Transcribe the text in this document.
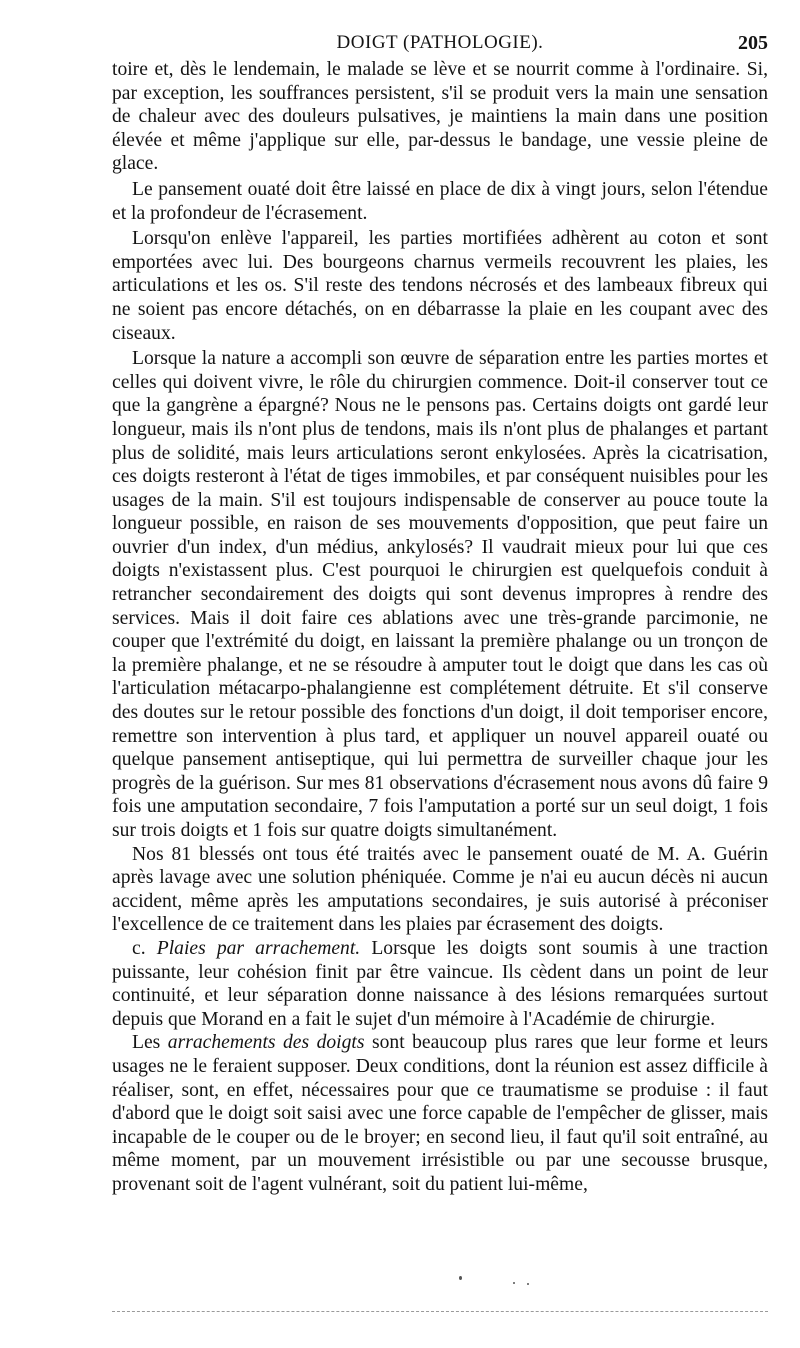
DOIGT (PATHOLOGIE).	205

toire et, dès le lendemain, le malade se lève et se nourrit comme à l'ordinaire. Si, par exception, les souffrances persistent, s'il se produit vers la main une sensation de chaleur avec des douleurs pulsatives, je maintiens la main dans une position élevée et même j'applique sur elle, par-dessus le bandage, une vessie pleine de glace.

Le pansement ouaté doit être laissé en place de dix à vingt jours, selon l'étendue et la profondeur de l'écrasement.

Lorsqu'on enlève l'appareil, les parties mortifiées adhèrent au coton et sont emportées avec lui. Des bourgeons charnus vermeils recouvrent les plaies, les articulations et les os. S'il reste des tendons nécrosés et des lambeaux fibreux qui ne soient pas encore détachés, on en débarrasse la plaie en les coupant avec des ciseaux.

Lorsque la nature a accompli son œuvre de séparation entre les parties mortes et celles qui doivent vivre, le rôle du chirurgien commence. Doit-il conserver tout ce que la gangrène a épargné? Nous ne le pensons pas. Certains doigts ont gardé leur longueur, mais ils n'ont plus de tendons, mais ils n'ont plus de phalanges et partant plus de solidité, mais leurs articulations seront enkylosées. Après la cicatrisation, ces doigts resteront à l'état de tiges immobiles, et par conséquent nuisibles pour les usages de la main. S'il est toujours indispensable de conserver au pouce toute la longueur possible, en raison de ses mouvements d'opposition, que peut faire un ouvrier d'un index, d'un médius, ankylosés? Il vaudrait mieux pour lui que ces doigts n'existassent plus. C'est pourquoi le chirurgien est quelquefois conduit à retrancher secondairement des doigts qui sont devenus impropres à rendre des services. Mais il doit faire ces ablations avec une très-grande parcimonie, ne couper que l'extrémité du doigt, en laissant la première phalange ou un tronçon de la première phalange, et ne se résoudre à amputer tout le doigt que dans les cas où l'articulation métacarpo-phalangienne est complétement détruite. Et s'il conserve des doutes sur le retour possible des fonctions d'un doigt, il doit temporiser encore, remettre son intervention à plus tard, et appliquer un nouvel appareil ouaté ou quelque pansement antiseptique, qui lui permettra de surveiller chaque jour les progrès de la guérison. Sur mes 81 observations d'écrasement nous avons dû faire 9 fois une amputation secondaire, 7 fois l'amputation a porté sur un seul doigt, 1 fois sur trois doigts et 1 fois sur quatre doigts simultanément.

Nos 81 blessés ont tous été traités avec le pansement ouaté de M. A. Guérin après lavage avec une solution phéniquée. Comme je n'ai eu aucun décès ni aucun accident, même après les amputations secondaires, je suis autorisé à préconiser l'excellence de ce traitement dans les plaies par écrasement des doigts.

c. Plaies par arrachement. Lorsque les doigts sont soumis à une traction puissante, leur cohésion finit par être vaincue. Ils cèdent dans un point de leur continuité, et leur séparation donne naissance à des lésions remarquées surtout depuis que Morand en a fait le sujet d'un mémoire à l'Académie de chirurgie.

Les arrachements des doigts sont beaucoup plus rares que leur forme et leurs usages ne le feraient supposer. Deux conditions, dont la réunion est assez difficile à réaliser, sont, en effet, nécessaires pour que ce traumatisme se produise : il faut d'abord que le doigt soit saisi avec une force capable de l'empêcher de glisser, mais incapable de le couper ou de le broyer; en second lieu, il faut qu'il soit entraîné, au même moment, par un mouvement irrésistible ou par une secousse brusque, provenant soit de l'agent vulnérant, soit du patient lui-même,
